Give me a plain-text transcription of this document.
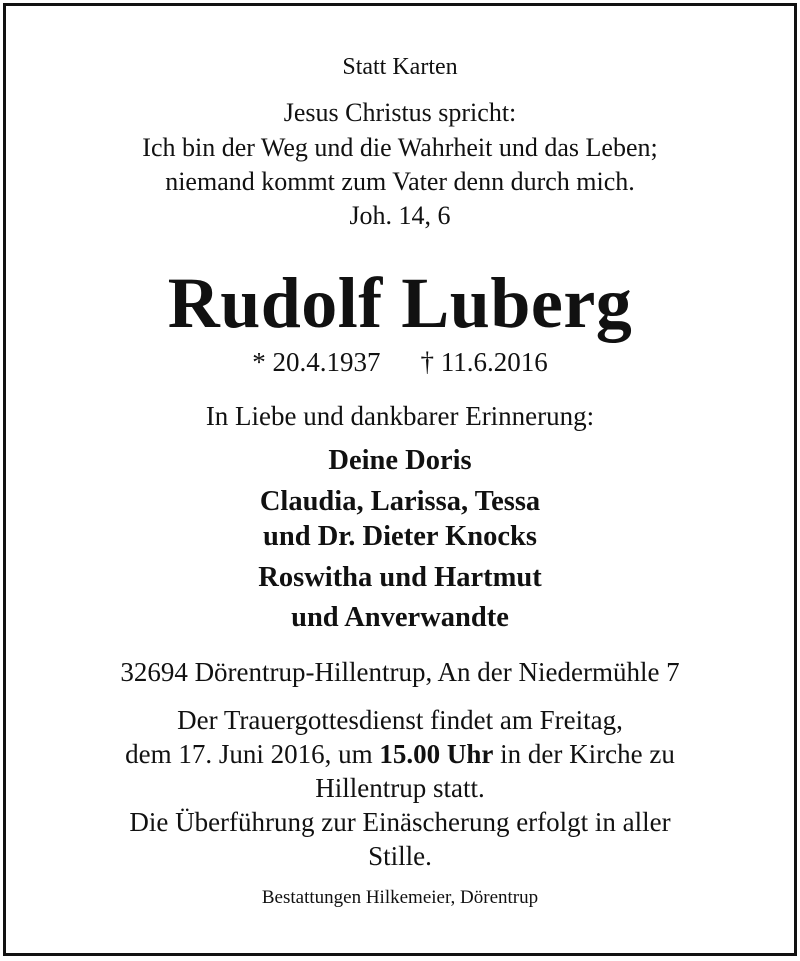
Statt Karten
Jesus Christus spricht:
Ich bin der Weg und die Wahrheit und das Leben;
niemand kommt zum Vater denn durch mich.
Joh. 14, 6
Rudolf Luberg
* 20.4.1937 † 11.6.2016
In Liebe und dankbarer Erinnerung:
Deine Doris
Claudia, Larissa, Tessa
und Dr. Dieter Knocks
Roswitha und Hartmut
und Anverwandte
32694 Dörentrup-Hillentrup, An der Niedermühle 7
Der Trauergottesdienst findet am Freitag,
dem 17. Juni 2016, um 15.00 Uhr in der Kirche zu
Hillentrup statt.
Die Überführung zur Einäscherung erfolgt in aller
Stille.
Bestattungen Hilkemeier, Dörentrup
